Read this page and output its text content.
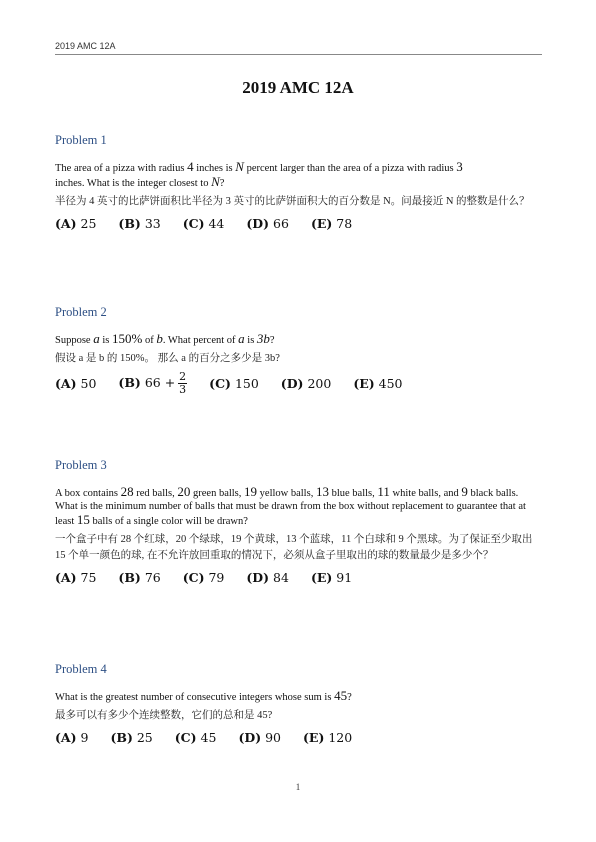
2019 AMC 12A
2019 AMC 12A
Problem 1

The area of a pizza with radius 4 inches is N percent larger than the area of a pizza with radius 3 inches. What is the integer closest to N?

半径为 4 英寸的比萨饼面积比半径为 3 英寸的比萨饼面积大的百分数是 N。问最接近 N 的整数是什么？

(A) 25 (B) 33 (C) 44 (D) 66 (E) 78
Problem 2

Suppose a is 150% of b. What percent of a is 3b?

假设 a 是 b 的 150%。 那么 a 的百分之多少是 3b?

(A) 50 (B) $66 + \frac{2}{3} (C)$ 150 (D) 200 (E) 450
Problem 3

A box contains 28 red balls, 20 green balls, 19 yellow balls, 13 blue balls, 11 white balls, and 9 black balls. What is the minimum number of balls that must be drawn from the box without replacement to guarantee that at least 15 balls of a single color will be drawn?

一个盒子中有 28 个红球，20 个绿球，19 个黄球，13 个蓝球，11 个白球和 9 个黑球。为了保证至少取出 15 个单一颜色的球, 在不允许放回重取的情况下，必须从盒子里取出的球的数量最少是多少个？

(A) 75 (B) 76 (C) 79 (D) 84 (E) 91
Problem 4

What is the greatest number of consecutive integers whose sum is 45?

最多可以有多少个连续整数，它们的总和是 45?

(A) 9 (B) 25 (C) 45 (D) 90 (E) 120
1
